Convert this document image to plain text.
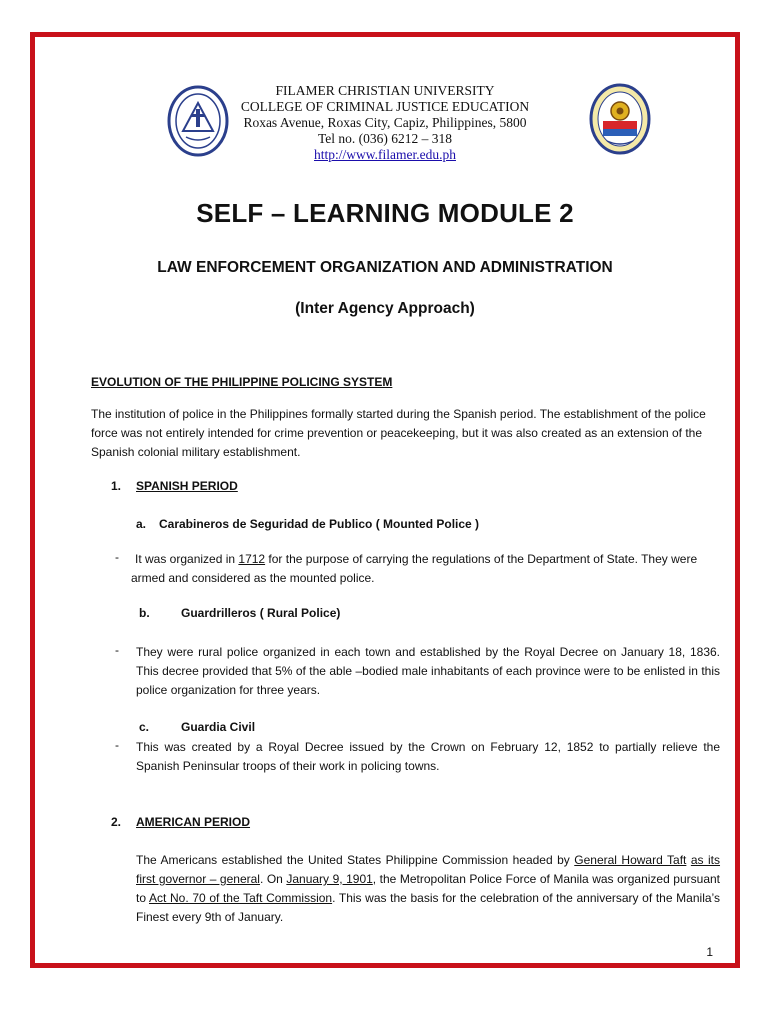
FILAMER CHRISTIAN UNIVERSITY
COLLEGE OF CRIMINAL JUSTICE EDUCATION
Roxas Avenue, Roxas City, Capiz, Philippines, 5800
Tel no. (036) 6212 – 318
http://www.filamer.edu.ph
SELF – LEARNING MODULE 2
LAW ENFORCEMENT ORGANIZATION AND ADMINISTRATION
(Inter Agency Approach)
EVOLUTION OF THE PHILIPPINE POLICING SYSTEM
The institution of police in the Philippines formally started during the Spanish period. The establishment of the police force was not entirely intended for crime prevention or peacekeeping, but it was also created as an extension of the Spanish colonial military establishment.
1. SPANISH PERIOD
a. Carabineros de Seguridad de Publico ( Mounted Police )
-	It was organized in 1712 for the purpose of carrying the regulations of the Department of State. They were armed and considered as the mounted police.
b.	Guardrilleros ( Rural Police)
- They were rural police organized in each town and established by the Royal Decree on January 18, 1836. This decree provided that 5% of the able –bodied male inhabitants of each province were to be enlisted in this police organization for three years.
c.	Guardia Civil
- This was created by a Royal Decree issued by the Crown on February 12, 1852 to partially relieve the Spanish Peninsular troops of their work in policing towns.
2. AMERICAN PERIOD
The Americans established the United States Philippine Commission headed by General Howard Taft as its first governor – general. On January 9, 1901, the Metropolitan Police Force of Manila was organized pursuant to Act No. 70 of the Taft Commission. This was the basis for the celebration of the anniversary of the Manila’s Finest every 9th of January.
1
